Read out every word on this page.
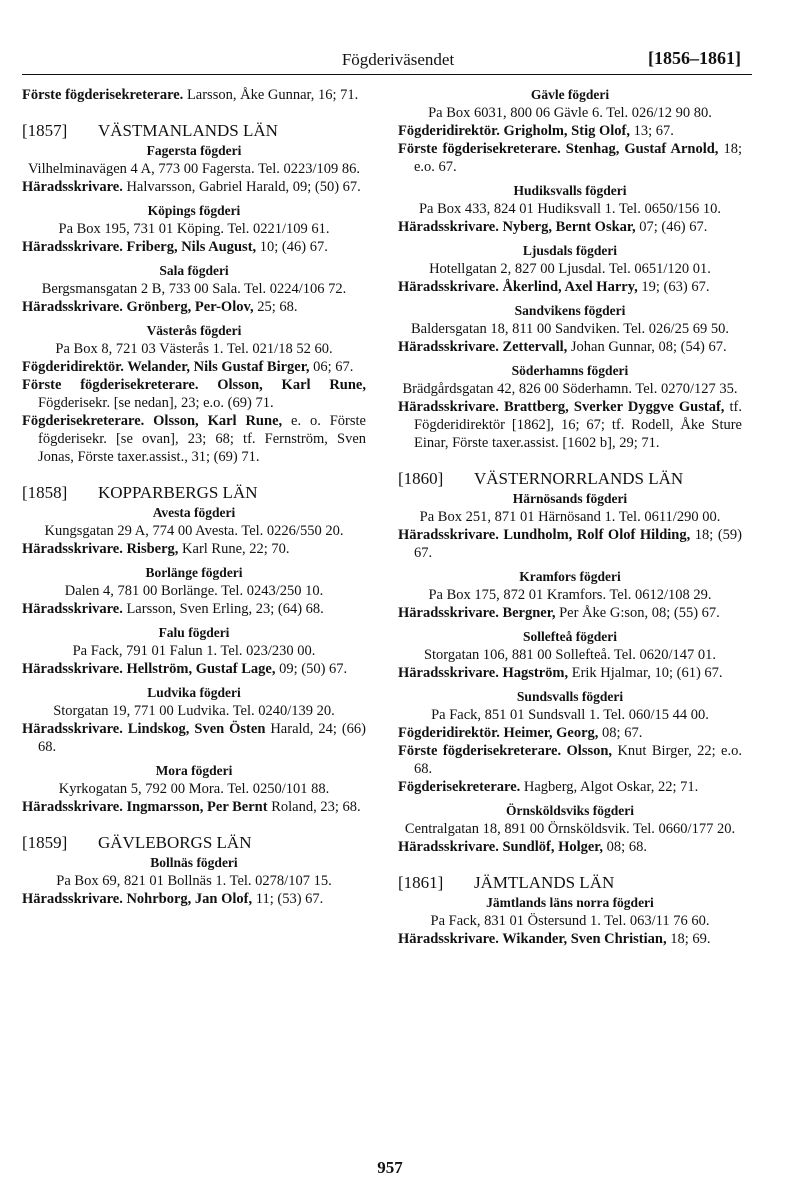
Fögderiväsendet	[1856–1861]
Förste fögderisekreterare. Larsson, Åke Gunnar, 16; 71.
[1857] VÄSTMANLANDS LÄN
Fagersta fögderi
Vilhelminavägen 4 A, 773 00 Fagersta. Tel. 0223/109 86.
Häradsskrivare. Halvarsson, Gabriel Harald, 09; (50) 67.
Köpings fögderi
Pa Box 195, 731 01 Köping. Tel. 0221/109 61.
Häradsskrivare. Friberg, Nils August, 10; (46) 67.
Sala fögderi
Bergsmansgatan 2 B, 733 00 Sala. Tel. 0224/106 72.
Häradsskrivare. Grönberg, Per-Olov, 25; 68.
Västerås fögderi
Pa Box 8, 721 03 Västerås 1. Tel. 021/18 52 60.
Fögderidirektör. Welander, Nils Gustaf Birger, 06; 67.
Förste fögderisekreterare. Olsson, Karl Rune, Fögderisekr. [se nedan], 23; e.o. (69) 71.
Fögderisekreterare. Olsson, Karl Rune, e. o. Förste fögderisekr. [se ovan], 23; 68; tf. Fernström, Sven Jonas, Förste taxer.assist., 31; (69) 71.
[1858] KOPPARBERGS LÄN
Avesta fögderi
Kungsgatan 29 A, 774 00 Avesta. Tel. 0226/550 20.
Häradsskrivare. Risberg, Karl Rune, 22; 70.
Borlänge fögderi
Dalen 4, 781 00 Borlänge. Tel. 0243/250 10.
Häradsskrivare. Larsson, Sven Erling, 23; (64) 68.
Falu fögderi
Pa Fack, 791 01 Falun 1. Tel. 023/230 00.
Häradsskrivare. Hellström, Gustaf Lage, 09; (50) 67.
Ludvika fögderi
Storgatan 19, 771 00 Ludvika. Tel. 0240/139 20.
Häradsskrivare. Lindskog, Sven Östen Harald, 24; (66) 68.
Mora fögderi
Kyrkogatan 5, 792 00 Mora. Tel. 0250/101 88.
Häradsskrivare. Ingmarsson, Per Bernt Roland, 23; 68.
[1859] GÄVLEBORGS LÄN
Bollnäs fögderi
Pa Box 69, 821 01 Bollnäs 1. Tel. 0278/107 15.
Häradsskrivare. Nohrborg, Jan Olof, 11; (53) 67.
Gävle fögderi
Pa Box 6031, 800 06 Gävle 6. Tel. 026/12 90 80.
Fögderidirektör. Grigholm, Stig Olof, 13; 67.
Förste fögderisekreterare. Stenhag, Gustaf Arnold, 18; e.o. 67.
Hudiksvalls fögderi
Pa Box 433, 824 01 Hudiksvall 1. Tel. 0650/156 10.
Häradsskrivare. Nyberg, Bernt Oskar, 07; (46) 67.
Ljusdals fögderi
Hotellgatan 2, 827 00 Ljusdal. Tel. 0651/120 01.
Häradsskrivare. Åkerlind, Axel Harry, 19; (63) 67.
Sandvikens fögderi
Baldersgatan 18, 811 00 Sandviken. Tel. 026/25 69 50.
Häradsskrivare. Zettervall, Johan Gunnar, 08; (54) 67.
Söderhamns fögderi
Brädgårdsgatan 42, 826 00 Söderhamn. Tel. 0270/127 35.
Häradsskrivare. Brattberg, Sverker Dyggve Gustaf, tf. Fögderidirektör [1862], 16; 67; tf. Rodell, Åke Sture Einar, Förste taxer.assist. [1602 b], 29; 71.
[1860] VÄSTERNORRLANDS LÄN
Härnösands fögderi
Pa Box 251, 871 01 Härnösand 1. Tel. 0611/290 00.
Häradsskrivare. Lundholm, Rolf Olof Hilding, 18; (59) 67.
Kramfors fögderi
Pa Box 175, 872 01 Kramfors. Tel. 0612/108 29.
Häradsskrivare. Bergner, Per Åke G:son, 08; (55) 67.
Sollefteå fögderi
Storgatan 106, 881 00 Sollefteå. Tel. 0620/147 01.
Häradsskrivare. Hagström, Erik Hjalmar, 10; (61) 67.
Sundsvalls fögderi
Pa Fack, 851 01 Sundsvall 1. Tel. 060/15 44 00.
Fögderidirektör. Heimer, Georg, 08; 67.
Förste fögderisekreterare. Olsson, Knut Birger, 22; e.o. 68.
Fögderisekreterare. Hagberg, Algot Oskar, 22; 71.
Örnsköldsviks fögderi
Centralgatan 18, 891 00 Örnsköldsvik. Tel. 0660/177 20.
Häradsskrivare. Sundlöf, Holger, 08; 68.
[1861] JÄMTLANDS LÄN
Jämtlands läns norra fögderi
Pa Fack, 831 01 Östersund 1. Tel. 063/11 76 60.
Häradsskrivare. Wikander, Sven Christian, 18; 69.
957
